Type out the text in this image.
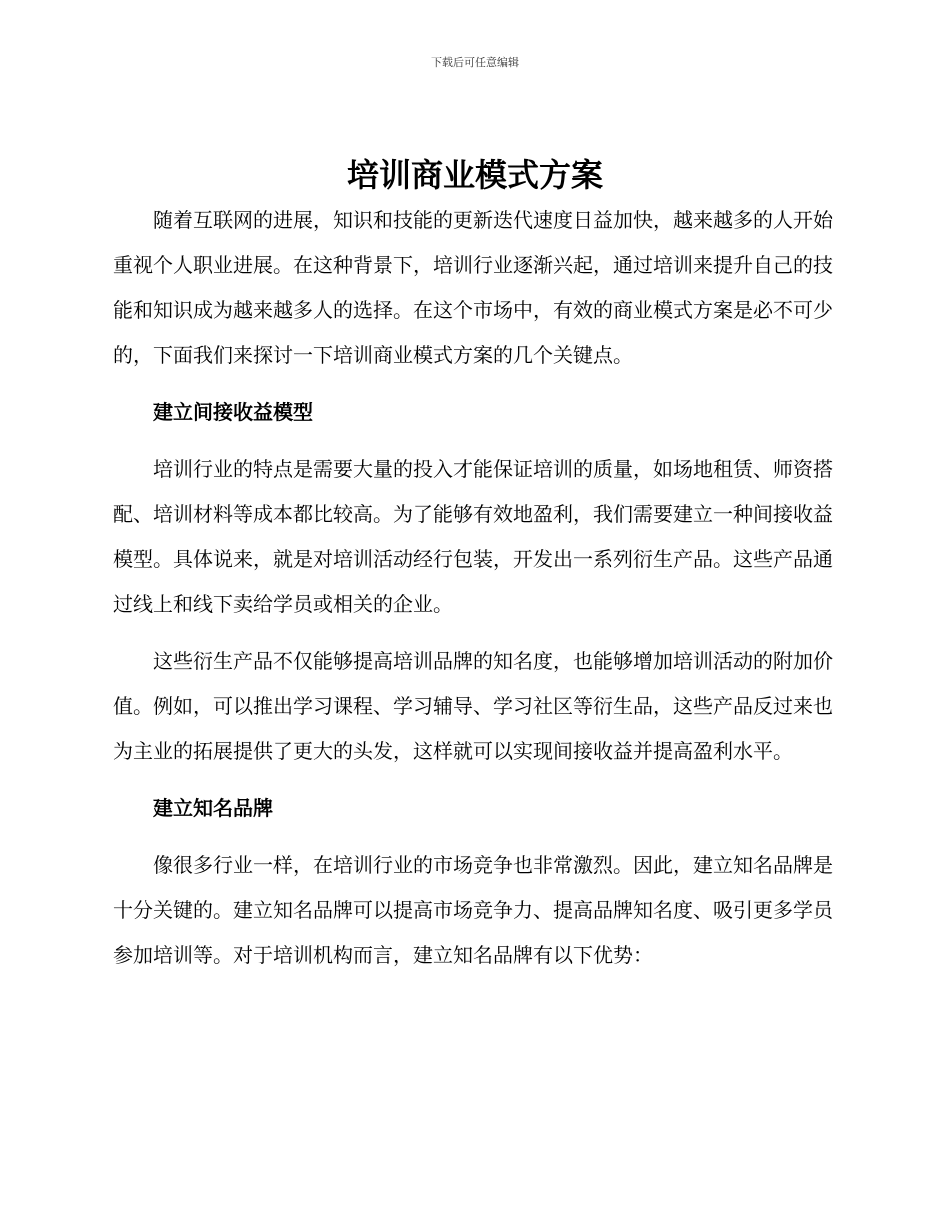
下载后可任意编辑
培训商业模式方案

随着互联网的进展，知识和技能的更新迭代速度日益加快，越来越多的人开始重视个人职业进展。在这种背景下，培训行业逐渐兴起，通过培训来提升自己的技能和知识成为越来越多人的选择。在这个市场中，有效的商业模式方案是必不可少的，下面我们来探讨一下培训商业模式方案的几个关键点。

建立间接收益模型

培训行业的特点是需要大量的投入才能保证培训的质量，如场地租赁、师资搭配、培训材料等成本都比较高。为了能够有效地盈利，我们需要建立一种间接收益模型。具体说来，就是对培训活动经行包装，开发出一系列衍生产品。这些产品通过线上和线下卖给学员或相关的企业。

这些衍生产品不仅能够提高培训品牌的知名度，也能够增加培训活动的附加价值。例如，可以推出学习课程、学习辅导、学习社区等衍生品，这些产品反过来也为主业的拓展提供了更大的头发，这样就可以实现间接收益并提高盈利水平。

建立知名品牌

像很多行业一样，在培训行业的市场竞争也非常激烈。因此，建立知名品牌是十分关键的。建立知名品牌可以提高市场竞争力、提高品牌知名度、吸引更多学员参加培训等。对于培训机构而言，建立知名品牌有以下优势：
